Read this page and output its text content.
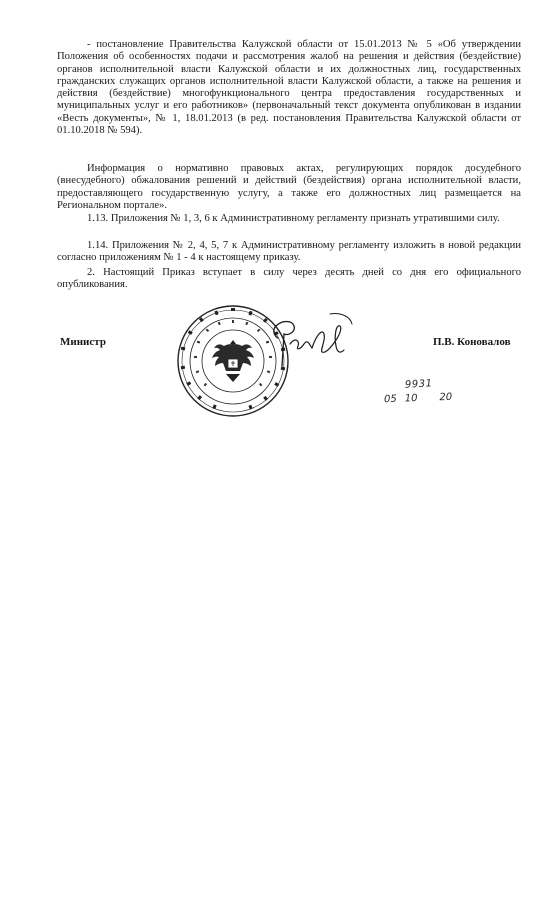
- постановление Правительства Калужской области от 15.01.2013 № 5 «Об утверждении Положения об особенностях подачи и рассмотрения жалоб на решения и действия (бездействие) органов исполнительной власти Калужской области и их должностных лиц, государственных гражданских служащих органов исполнительной власти Калужской области, а также на решения и действия (бездействие) многофункционального центра предоставления государственных и муниципальных услуг и его работников» (первоначальный текст документа опубликован в издании «Весть документы», № 1, 18.01.2013 (в ред. постановления Правительства Калужской области от 01.10.2018 № 594).

Информация о нормативно правовых актах, регулирующих порядок досудебного (внесудебного) обжалования решений и действий (бездействия) органа исполнительной власти, предоставляющего государственную услугу, а также его должностных лиц размещается на Региональном портале».

1.13. Приложения № 1, 3, 6 к Административному регламенту признать утратившими силу.

1.14. Приложения № 2, 4, 5, 7 к Административному регламенту изложить в новой редакции согласно приложениям № 1 - 4 к настоящему приказу.

2. Настоящий Приказ вступает в силу через десять дней со дня его официального опубликования.

Министр	П.В. Коновалов
9931
05 10 20
